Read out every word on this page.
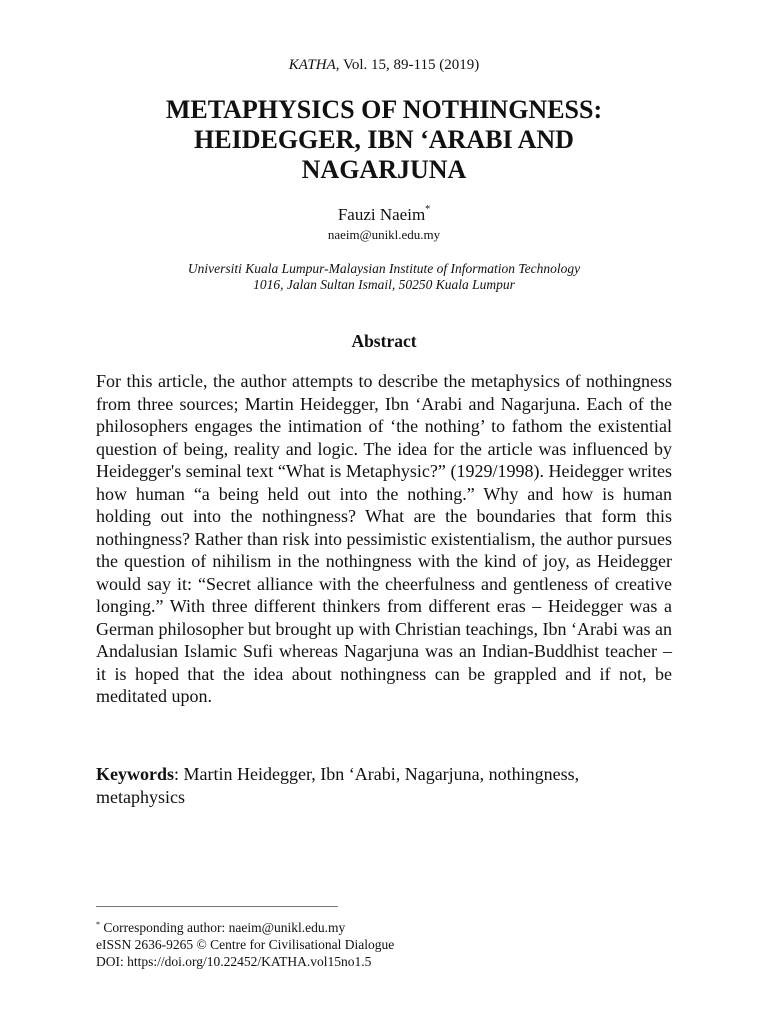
KATHA, Vol. 15, 89-115 (2019)
METAPHYSICS OF NOTHINGNESS:
HEIDEGGER, IBN ‘ARABI AND
NAGARJUNA
Fauzi Naeim*
naeim@unikl.edu.my
Universiti Kuala Lumpur-Malaysian Institute of Information Technology
1016, Jalan Sultan Ismail, 50250 Kuala Lumpur
Abstract

For this article, the author attempts to describe the metaphysics of nothingness from three sources; Martin Heidegger, Ibn ‘Arabi and Nagarjuna. Each of the philosophers engages the intimation of ‘the nothing’ to fathom the existential question of being, reality and logic. The idea for the article was influenced by Heidegger's seminal text “What is Metaphysic?” (1929/1998). Heidegger writes how human “a being held out into the nothing.” Why and how is human holding out into the nothingness? What are the boundaries that form this nothingness? Rather than risk into pessimistic existentialism, the author pursues the question of nihilism in the nothingness with the kind of joy, as Heidegger would say it: “Secret alliance with the cheerfulness and gentleness of creative longing.” With three different thinkers from different eras – Heidegger was a German philosopher but brought up with Christian teachings, Ibn ‘Arabi was an Andalusian Islamic Sufi whereas Nagarjuna was an Indian-Buddhist teacher – it is hoped that the idea about nothingness can be grappled and if not, be meditated upon.

Keywords: Martin Heidegger, Ibn ‘Arabi, Nagarjuna, nothingness, metaphysics

* Corresponding author: naeim@unikl.edu.my
eISSN 2636-9265 © Centre for Civilisational Dialogue
DOI: https://doi.org/10.22452/KATHA.vol15no1.5
